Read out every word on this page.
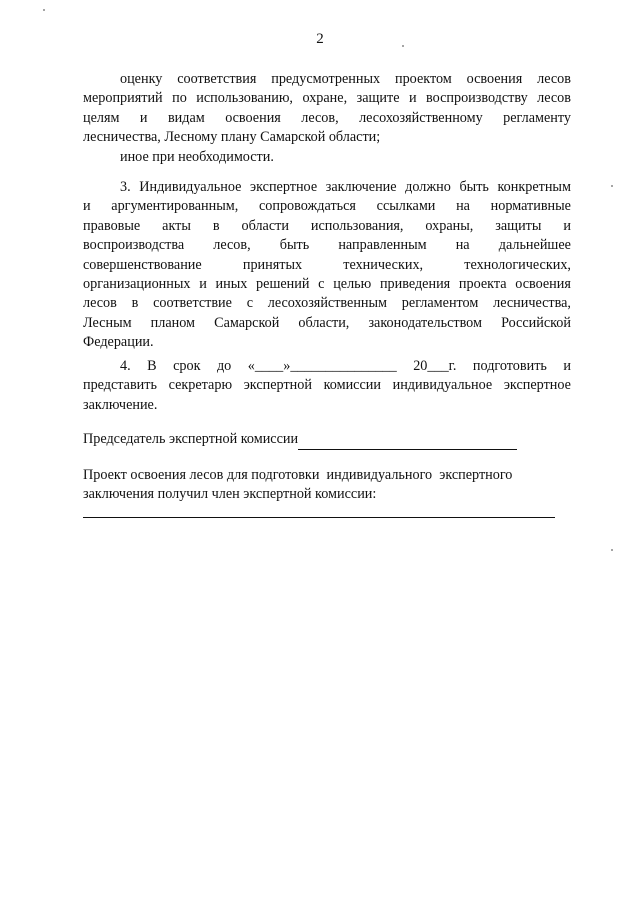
2
оценку соответствия предусмотренных проектом освоения лесов
мероприятий по использованию, охране, защите и воспроизводству лесов
целям и видам освоения лесов, лесохозяйственному регламенту
лесничества, Лесному плану Самарской области;
иное при необходимости.
3. Индивидуальное экспертное заключение должно быть конкретным
и аргументированным, сопровождаться ссылками на нормативные
правовые акты в области использования, охраны, защиты и
воспроизводства лесов, быть направленным на дальнейшее
совершенствование	принятых	технических,	технологических,
организационных и иных решений с целью приведения проекта освоения
лесов в соответствие с лесохозяйственным регламентом лесничества,
Лесным планом Самарской области, законодательством Российской
Федерации.
4. В срок до «____»_______________ 20___г. подготовить и
представить секретарю экспертной комиссии индивидуальное экспертное
заключение.
Председатель экспертной комиссии
Проект освоения лесов для подготовки  индивидуального  экспертного
заключения получил член экспертной комиссии:
